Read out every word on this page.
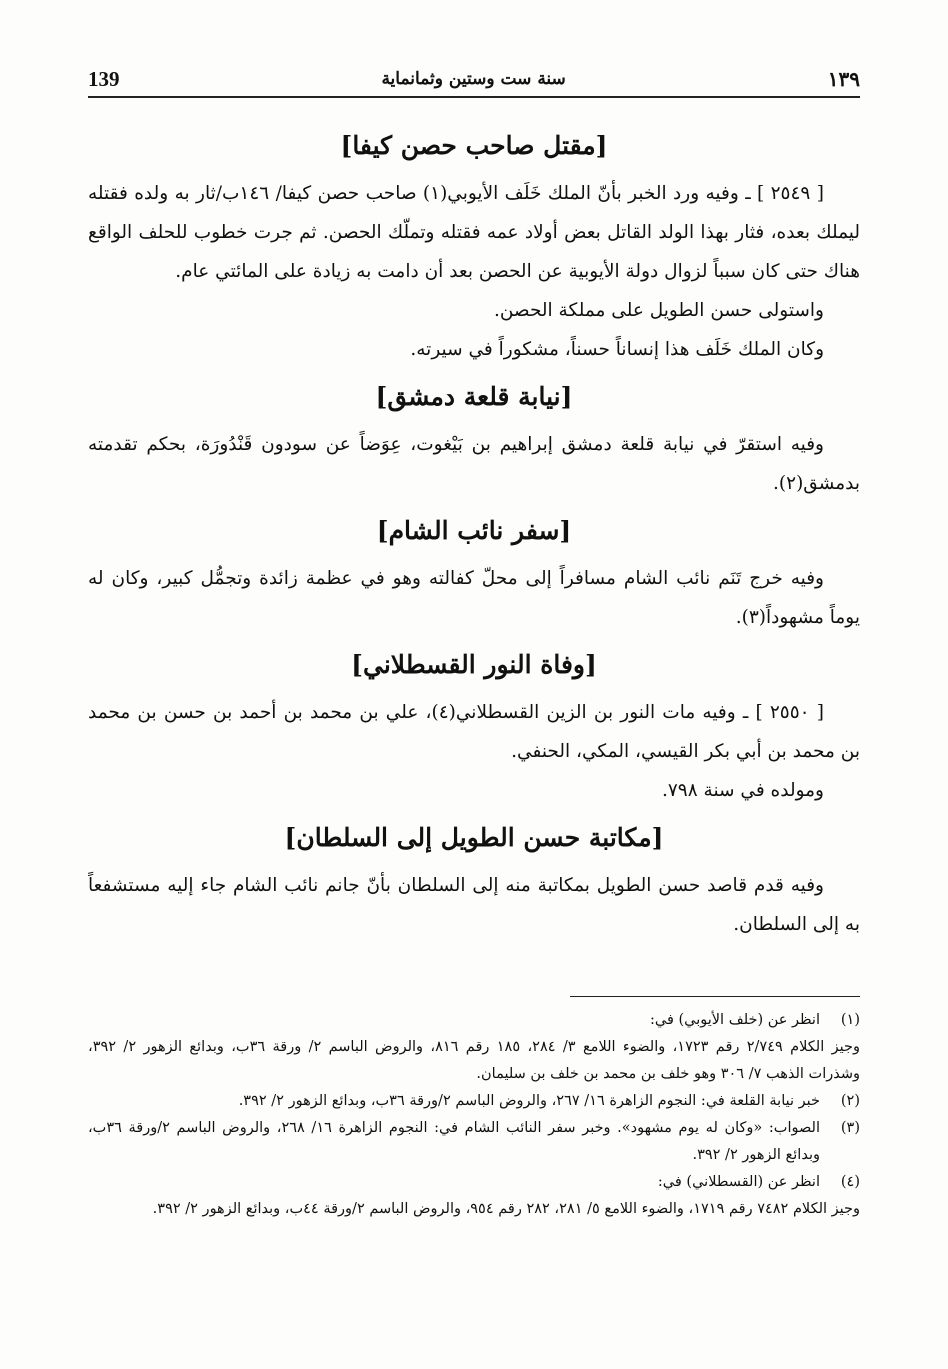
139	سنة ست وستين وثمانماية	١٣٩
[مقتل صاحب حصن كيفا]

[ ٢٥٤٩ ] ـ وفيه ورد الخبر بأنّ الملك خَلَف الأيوبي(١) صاحب حصن كيفا/ ١٤٦ب/ثار به ولده فقتله ليملك بعده، فثار بهذا الولد القاتل بعض أولاد عمه فقتله وتملّك الحصن. ثم جرت خطوب للحلف الواقع هناك حتى كان سبباً لزوال دولة الأيوبية عن الحصن بعد أن دامت به زيادة على المائتي عام.

واستولى حسن الطويل على مملكة الحصن.

وكان الملك خَلَف هذا إنساناً حسناً، مشكوراً في سيرته.

[نيابة قلعة دمشق]

وفيه استقرّ في نيابة قلعة دمشق إبراهيم بن بَيْغوت، عِوَضاً عن سودون قَنْدُورَة، بحكم تقدمته بدمشق(٢).

[سفر نائب الشام]

وفيه خرج تَنَم نائب الشام مسافراً إلى محلّ كفالته وهو في عظمة زائدة وتجمُّل كبير، وكان له يوماً مشهوداً(٣).

[وفاة النور القسطلاني]

[ ٢٥٥٠ ] ـ وفيه مات النور بن الزين القسطلاني(٤)، علي بن محمد بن أحمد بن حسن بن محمد بن محمد بن أبي بكر القيسي، المكي، الحنفي.

ومولده في سنة ٧٩٨.

[مكاتبة حسن الطويل إلى السلطان]

وفيه قدم قاصد حسن الطويل بمكاتبة منه إلى السلطان بأنّ جانم نائب الشام جاء إليه مستشفعاً به إلى السلطان.

(١)
انظر عن (خلف الأيوبي) في:

وجيز الكلام ٢/٧٤٩ رقم ١٧٢٣، والضوء اللامع ٣/ ٢٨٤، ١٨٥ رقم ٨١٦، والروض الباسم ٢/ ورقة ٣٦ب، وبدائع الزهور ٢/ ٣٩٢، وشذرات الذهب ٧/ ٣٠٦ وهو خلف بن محمد بن خلف بن سليمان.

(٢)
خبر نيابة القلعة في: النجوم الزاهرة ١٦/ ٢٦٧، والروض الباسم ٢/ورقة ٣٦ب، وبدائع الزهور ٢/ ٣٩٢.
(٣)
الصواب: «وكان له يوم مشهود». وخبر سفر النائب الشام في: النجوم الزاهرة ١٦/ ٢٦٨، والروض الباسم ٢/ورقة ٣٦ب، وبدائع الزهور ٢/ ٣٩٢.
(٤)
انظر عن (القسطلاني) في:

وجيز الكلام ٧٤٨٢ رقم ١٧١٩، والضوء اللامع ٥/ ٢٨١، ٢٨٢ رقم ٩٥٤، والروض الباسم ٢/ورقة ٤٤ب، وبدائع الزهور ٢/ ٣٩٢.
